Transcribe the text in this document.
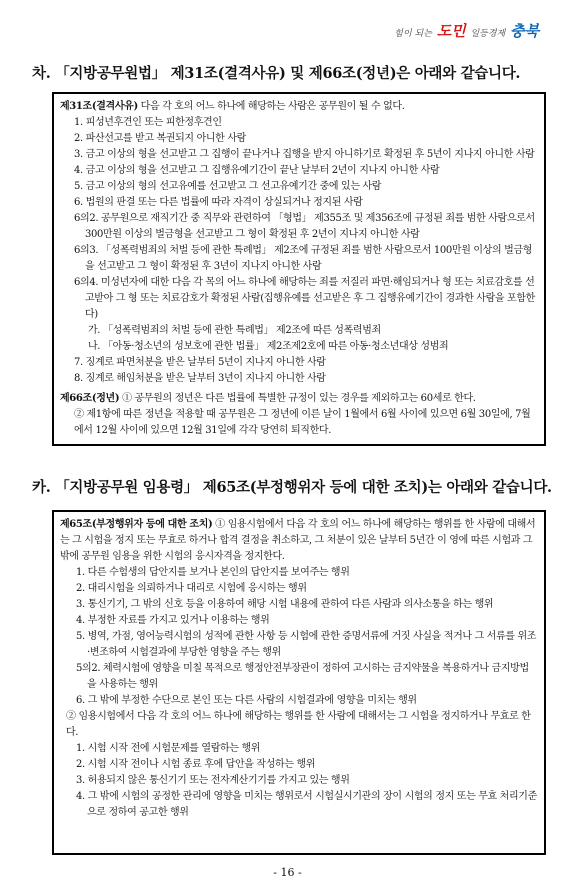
힘이 되는 도민 일등경제 충북
차. 「지방공무원법」 제31조(결격사유) 및 제66조(정년)은 아래와 같습니다.

제31조(결격사유) 다음 각 호의 어느 하나에 해당하는 사람은 공무원이 될 수 없다.

1. 피성년후견인 또는 피한정후견인

2. 파산선고를 받고 복권되지 아니한 사람

3. 금고 이상의 형을 선고받고 그 집행이 끝나거나 집행을 받지 아니하기로 확정된 후 5년이 지나지 아니한 사람

4. 금고 이상의 형을 선고받고 그 집행유예기간이 끝난 날부터 2년이 지나지 아니한 사람

5. 금고 이상의 형의 선고유예를 선고받고 그 선고유예기간 중에 있는 사람

6. 법원의 판결 또는 다른 법률에 따라 자격이 상실되거나 정지된 사람

6의2. 공무원으로 재직기간 중 직무와 관련하여 「형법」 제355조 및 제356조에 규정된 죄를 범한 사람으로서 300만원 이상의 벌금형을 선고받고 그 형이 확정된 후 2년이 지나지 아니한 사람

6의3. 「성폭력범죄의 처벌 등에 관한 특례법」 제2조에 규정된 죄를 범한 사람으로서 100만원 이상의 벌금형을 선고받고 그 형이 확정된 후 3년이 지나지 아니한 사람

6의4. 미성년자에 대한 다음 각 목의 어느 하나에 해당하는 죄를 저질러 파면·해임되거나 형 또는 치료감호를 선고받아 그 형 또는 치료감호가 확정된 사람(집행유예를 선고받은 후 그 집행유예기간이 경과한 사람을 포함한다)

가. 「성폭력범죄의 처벌 등에 관한 특례법」 제2조에 따른 성폭력범죄

나. 「아동·청소년의 성보호에 관한 법률」 제2조제2호에 따른 아동·청소년대상 성범죄

7. 징계로 파면처분을 받은 날부터 5년이 지나지 아니한 사람

8. 징계로 해임처분을 받은 날부터 3년이 지나지 아니한 사람

제66조(정년) ① 공무원의 정년은 다른 법률에 특별한 규정이 있는 경우를 제외하고는 60세로 한다.

② 제1항에 따른 정년을 적용할 때 공무원은 그 정년에 이른 날이 1월에서 6월 사이에 있으면 6월 30일에, 7월에서 12월 사이에 있으면 12월 31일에 각각 당연히 퇴직한다.

카. 「지방공무원 임용령」 제65조(부정행위자 등에 대한 조치)는 아래와 같습니다.

제65조(부정행위자 등에 대한 조치) ① 임용시험에서 다음 각 호의 어느 하나에 해당하는 행위를 한 사람에 대해서는 그 시험을 정지 또는 무효로 하거나 합격 결정을 취소하고, 그 처분이 있은 날부터 5년간 이 영에 따른 시험과 그 밖에 공무원 임용을 위한 시험의 응시자격을 정지한다.

1. 다른 수험생의 답안지를 보거나 본인의 답안지를 보여주는 행위

2. 대리시험을 의뢰하거나 대리로 시험에 응시하는 행위

3. 통신기기, 그 밖의 신호 등을 이용하여 해당 시험 내용에 관하여 다른 사람과 의사소통을 하는 행위

4. 부정한 자료를 가지고 있거나 이용하는 행위

5. 병역, 가점, 영어능력시험의 성적에 관한 사항 등 시험에 관한 증명서류에 거짓 사실을 적거나 그 서류를 위조·변조하여 시험결과에 부당한 영향을 주는 행위

5의2. 체력시험에 영향을 미칠 목적으로 행정안전부장관이 정하여 고시하는 금지약물을 복용하거나 금지방법을 사용하는 행위

6. 그 밖에 부정한 수단으로 본인 또는 다른 사람의 시험결과에 영향을 미치는 행위

② 임용시험에서 다음 각 호의 어느 하나에 해당하는 행위를 한 사람에 대해서는 그 시험을 정지하거나 무효로 한다.

1. 시험 시작 전에 시험문제를 열람하는 행위

2. 시험 시작 전이나 시험 종료 후에 답안을 작성하는 행위

3. 허용되지 않은 통신기기 또는 전자계산기기를 가지고 있는 행위

4. 그 밖에 시험의 공정한 관리에 영향을 미치는 행위로서 시험실시기관의 장이 시험의 정지 또는 무효 처리기준으로 정하여 공고한 행위

- 16 -
